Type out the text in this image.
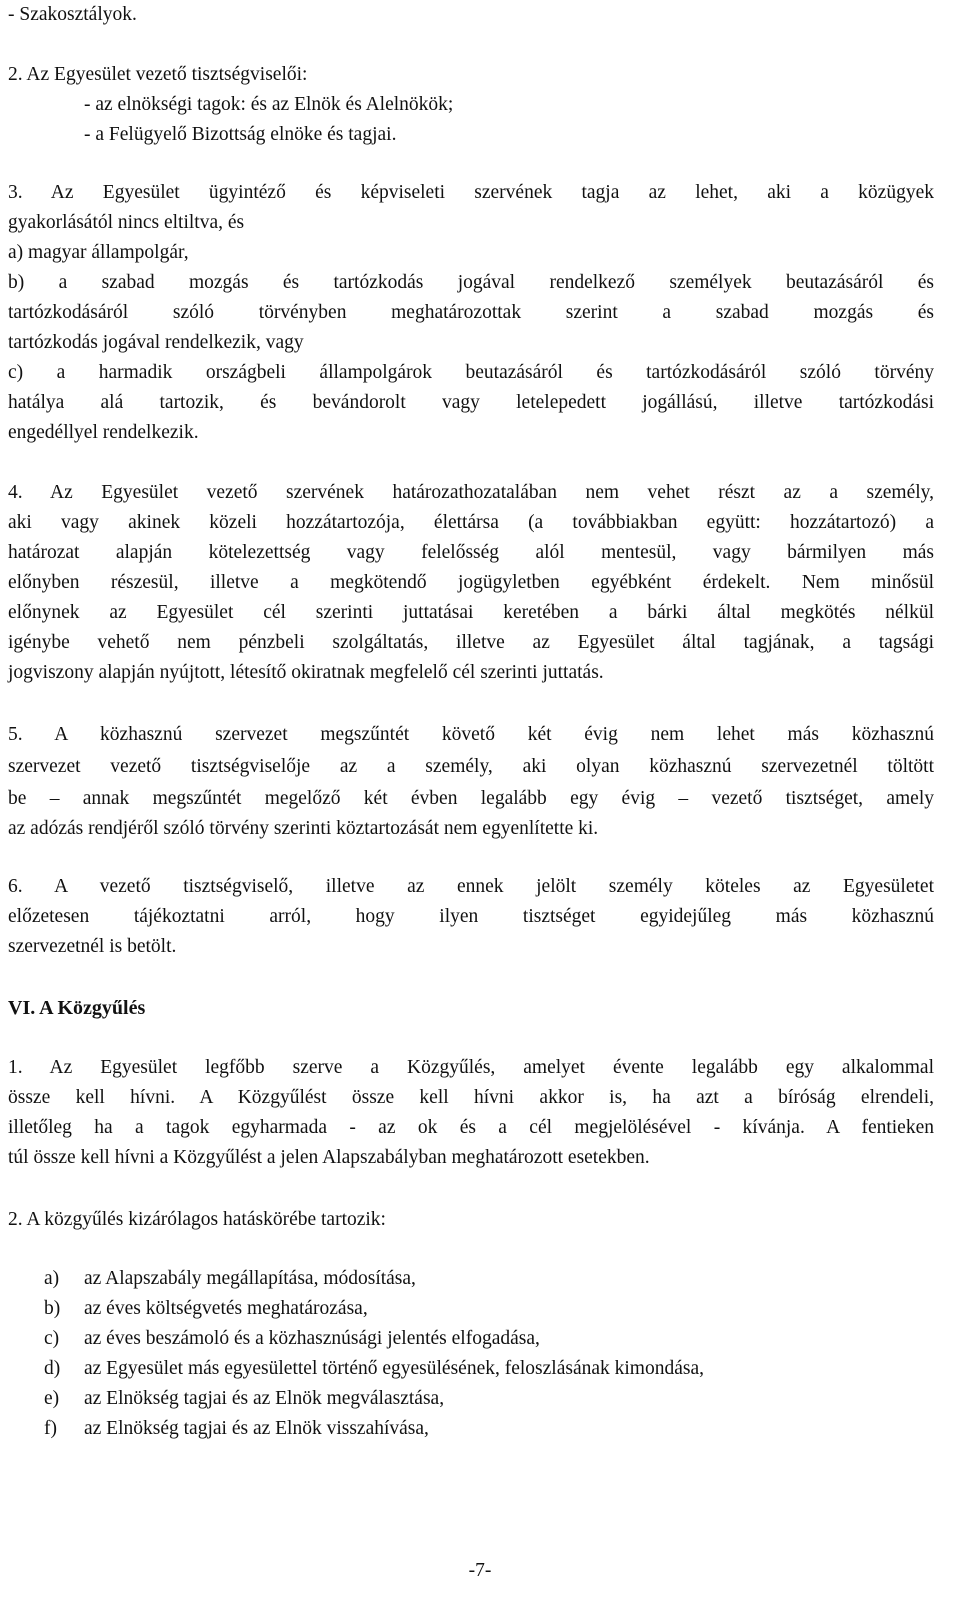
- Szakosztályok.
2. Az Egyesület vezető tisztségviselői:
- az elnökségi tagok: és az Elnök és Alelnökök;
- a Felügyelő Bizottság elnöke és tagjai.
3. Az Egyesület ügyintéző és képviseleti szervének tagja az lehet, aki a közügyek
gyakorlásától nincs eltiltva, és
a) magyar állampolgár,
b) a szabad mozgás és tartózkodás jogával rendelkező személyek beutazásáról és
tartózkodásáról szóló törvényben meghatározottak szerint a szabad mozgás és
tartózkodás jogával rendelkezik, vagy
c) a harmadik országbeli állampolgárok beutazásáról és tartózkodásáról szóló törvény
hatálya alá tartozik, és bevándorolt vagy letelepedett jogállású, illetve tartózkodási
engedéllyel rendelkezik.
4. Az Egyesület vezető szervének határozathozatalában nem vehet részt az a személy,
aki vagy akinek közeli hozzátartozója, élettársa (a továbbiakban együtt: hozzátartozó) a
határozat alapján kötelezettség vagy felelősség alól mentesül, vagy bármilyen más
előnyben részesül, illetve a megkötendő jogügyletben egyébként érdekelt. Nem minősül
előnynek az Egyesület cél szerinti juttatásai keretében a bárki által megkötés nélkül
igénybe vehető nem pénzbeli szolgáltatás, illetve az Egyesület által tagjának, a tagsági
jogviszony alapján nyújtott, létesítő okiratnak megfelelő cél szerinti juttatás.
5. A közhasznú szervezet megszűntét követő két évig nem lehet más közhasznú
szervezet vezető tisztségviselője az a személy, aki olyan közhasznú szervezetnél töltött
be – annak megszűntét megelőző két évben legalább egy évig – vezető tisztséget, amely
az adózás rendjéről szóló törvény szerinti köztartozását nem egyenlítette ki.
6. A vezető tisztségviselő, illetve az ennek jelölt személy köteles az Egyesületet
előzetesen tájékoztatni arról, hogy ilyen tisztséget egyidejűleg más közhasznú
szervezetnél is betölt.
VI. A Közgyűlés
1. Az Egyesület legfőbb szerve a Közgyűlés, amelyet évente legalább egy alkalommal
össze kell hívni. A Közgyűlést össze kell hívni akkor is, ha azt a bíróság elrendeli,
illetőleg ha a tagok egyharmada - az ok és a cél megjelölésével - kívánja. A fentieken
túl össze kell hívni a Közgyűlést a jelen Alapszabályban meghatározott esetekben.
2. A közgyűlés kizárólagos hatáskörébe tartozik:
a) az Alapszabály megállapítása, módosítása,
b) az éves költségvetés meghatározása,
c) az éves beszámoló és a közhasznúsági jelentés elfogadása,
d) az Egyesület más egyesülettel történő egyesülésének, feloszlásának kimondása,
e) az Elnökség tagjai és az Elnök megválasztása,
f) az Elnökség tagjai és az Elnök visszahívása,
-7-
